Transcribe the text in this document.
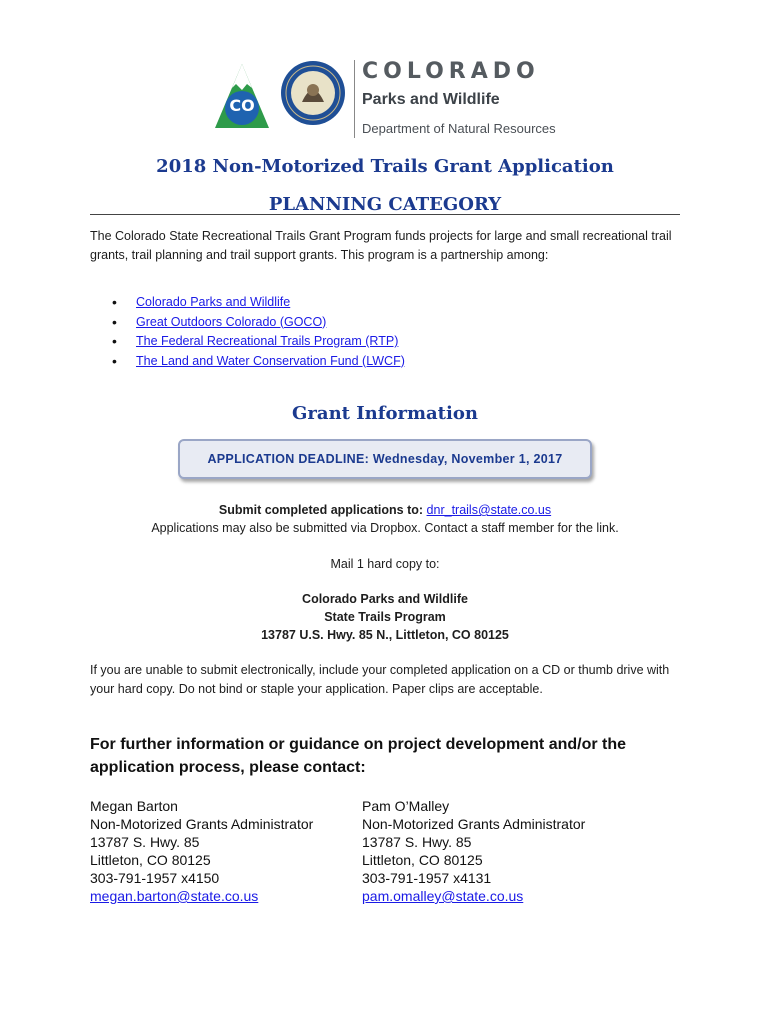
CO
COLORADO
Parks and Wildlife
Department of Natural Resources
2018 Non-Motorized Trails Grant Application
PLANNING CATEGORY
The Colorado State Recreational Trails Grant Program funds projects for large and small recreational trail grants, trail planning and trail support grants. This program is a partnership among:
• Colorado Parks and Wildlife
• Great Outdoors Colorado (GOCO)
• The Federal Recreational Trails Program (RTP)
• The Land and Water Conservation Fund (LWCF)
Grant Information
APPLICATION DEADLINE: Wednesday, November 1, 2017
Submit completed applications to: dnr_trails@state.co.us
Applications may also be submitted via Dropbox. Contact a staff member for the link.
Mail 1 hard copy to:
Colorado Parks and Wildlife
State Trails Program
13787 U.S. Hwy. 85 N., Littleton, CO 80125
If you are unable to submit electronically, include your completed application on a CD or thumb drive with your hard copy. Do not bind or staple your application. Paper clips are acceptable.
For further information or guidance on project development and/or the application process, please contact:
Megan Barton
Non-Motorized Grants Administrator
13787 S. Hwy. 85
Littleton, CO 80125
303-791-1957 x4150
megan.barton@state.co.us
Pam O’Malley
Non-Motorized Grants Administrator
13787 S. Hwy. 85
Littleton, CO 80125
303-791-1957 x4131
pam.omalley@state.co.us
